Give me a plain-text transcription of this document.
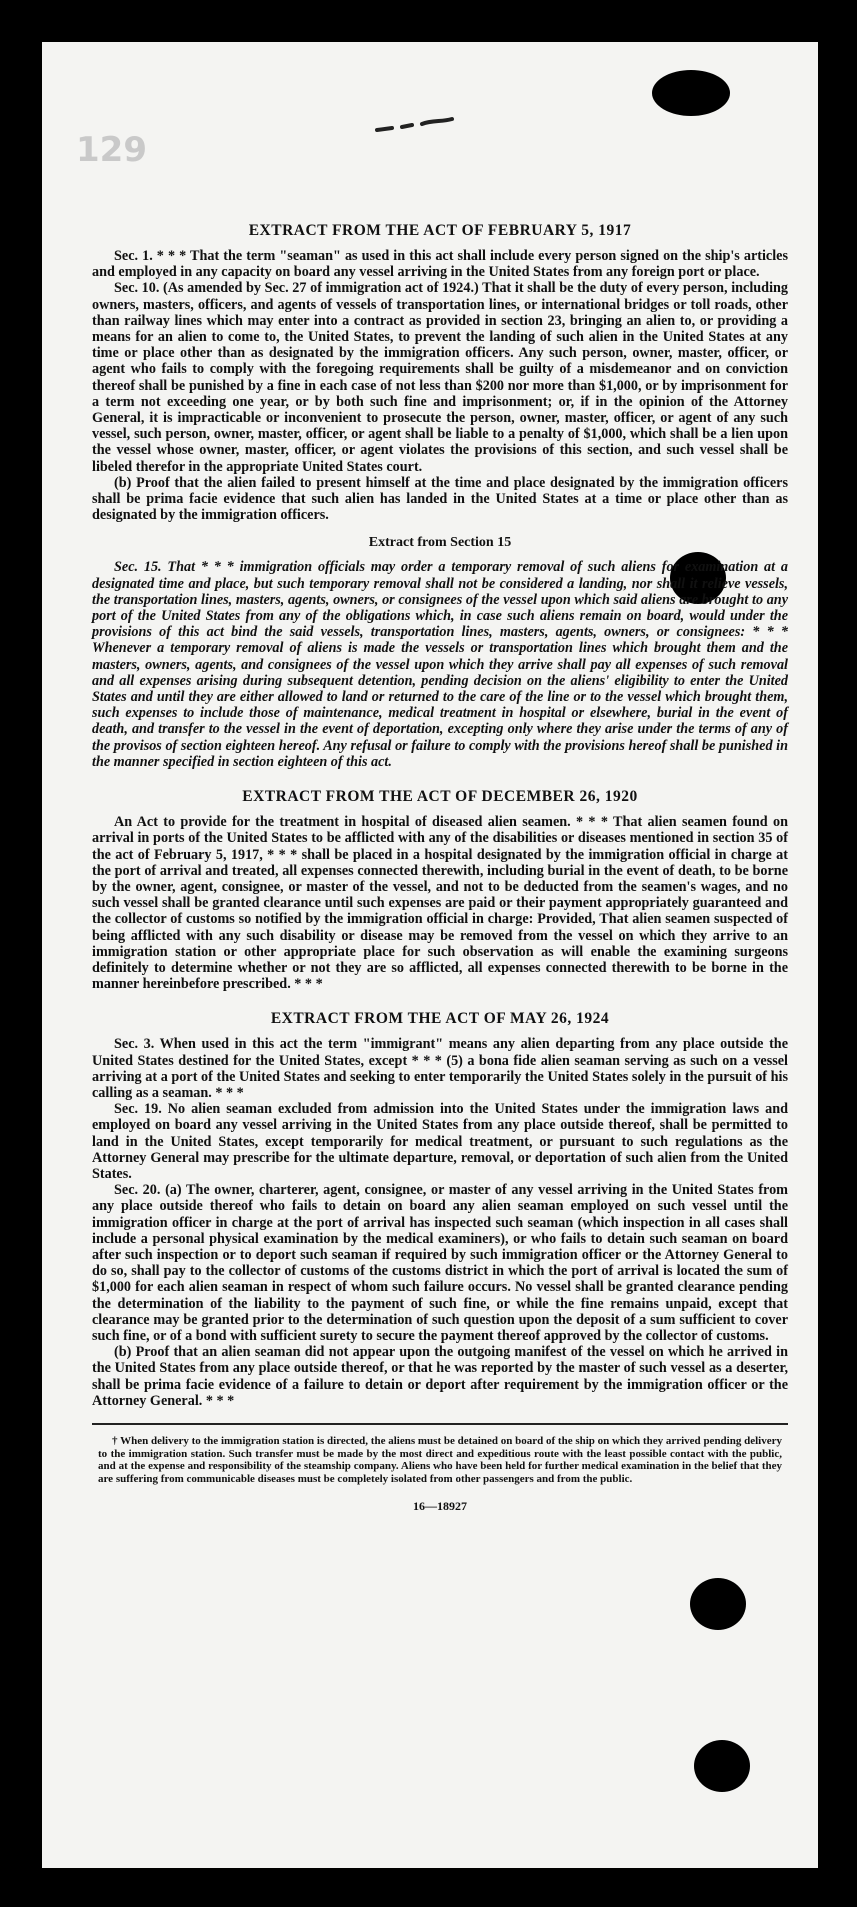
129
EXTRACT FROM THE ACT OF FEBRUARY 5, 1917

Sec. 1. * * * That the term "seaman" as used in this act shall include every person signed on the ship's articles and employed in any capacity on board any vessel arriving in the United States from any foreign port or place.

Sec. 10. (As amended by Sec. 27 of immigration act of 1924.) That it shall be the duty of every person, including owners, masters, officers, and agents of vessels of transportation lines, or international bridges or toll roads, other than railway lines which may enter into a contract as provided in section 23, bringing an alien to, or providing a means for an alien to come to, the United States, to prevent the landing of such alien in the United States at any time or place other than as designated by the immigration officers. Any such person, owner, master, officer, or agent who fails to comply with the foregoing requirements shall be guilty of a misdemeanor and on conviction thereof shall be punished by a fine in each case of not less than $200 nor more than $1,000, or by imprisonment for a term not exceeding one year, or by both such fine and imprisonment; or, if in the opinion of the Attorney General, it is impracticable or inconvenient to prosecute the person, owner, master, officer, or agent of any such vessel, such person, owner, master, officer, or agent shall be liable to a penalty of $1,000, which shall be a lien upon the vessel whose owner, master, officer, or agent violates the provisions of this section, and such vessel shall be libeled therefor in the appropriate United States court.

(b) Proof that the alien failed to present himself at the time and place designated by the immigration officers shall be prima facie evidence that such alien has landed in the United States at a time or place other than as designated by the immigration officers.

Extract from Section 15

Sec. 15. That * * * immigration officials may order a temporary removal of such aliens for examination at a designated time and place, but such temporary removal shall not be considered a landing, nor shall it relieve vessels, the transportation lines, masters, agents, owners, or consignees of the vessel upon which said aliens are brought to any port of the United States from any of the obligations which, in case such aliens remain on board, would under the provisions of this act bind the said vessels, transportation lines, masters, agents, owners, or consignees: * * * Whenever a temporary removal of aliens is made the vessels or transportation lines which brought them and the masters, owners, agents, and consignees of the vessel upon which they arrive shall pay all expenses of such removal and all expenses arising during subsequent detention, pending decision on the aliens' eligibility to enter the United States and until they are either allowed to land or returned to the care of the line or to the vessel which brought them, such expenses to include those of maintenance, medical treatment in hospital or elsewhere, burial in the event of death, and transfer to the vessel in the event of deportation, excepting only where they arise under the terms of any of the provisos of section eighteen hereof. Any refusal or failure to comply with the provisions hereof shall be punished in the manner specified in section eighteen of this act.

EXTRACT FROM THE ACT OF DECEMBER 26, 1920

An Act to provide for the treatment in hospital of diseased alien seamen. * * * That alien seamen found on arrival in ports of the United States to be afflicted with any of the disabilities or diseases mentioned in section 35 of the act of February 5, 1917, * * * shall be placed in a hospital designated by the immigration official in charge at the port of arrival and treated, all expenses connected therewith, including burial in the event of death, to be borne by the owner, agent, consignee, or master of the vessel, and not to be deducted from the seamen's wages, and no such vessel shall be granted clearance until such expenses are paid or their payment appropriately guaranteed and the collector of customs so notified by the immigration official in charge: Provided, That alien seamen suspected of being afflicted with any such disability or disease may be removed from the vessel on which they arrive to an immigration station or other appropriate place for such observation as will enable the examining surgeons definitely to determine whether or not they are so afflicted, all expenses connected therewith to be borne in the manner hereinbefore prescribed. * * *

EXTRACT FROM THE ACT OF MAY 26, 1924

Sec. 3. When used in this act the term "immigrant" means any alien departing from any place outside the United States destined for the United States, except * * * (5) a bona fide alien seaman serving as such on a vessel arriving at a port of the United States and seeking to enter temporarily the United States solely in the pursuit of his calling as a seaman. * * *

Sec. 19. No alien seaman excluded from admission into the United States under the immigration laws and employed on board any vessel arriving in the United States from any place outside thereof, shall be permitted to land in the United States, except temporarily for medical treatment, or pursuant to such regulations as the Attorney General may prescribe for the ultimate departure, removal, or deportation of such alien from the United States.

Sec. 20. (a) The owner, charterer, agent, consignee, or master of any vessel arriving in the United States from any place outside thereof who fails to detain on board any alien seaman employed on such vessel until the immigration officer in charge at the port of arrival has inspected such seaman (which inspection in all cases shall include a personal physical examination by the medical examiners), or who fails to detain such seaman on board after such inspection or to deport such seaman if required by such immigration officer or the Attorney General to do so, shall pay to the collector of customs of the customs district in which the port of arrival is located the sum of $1,000 for each alien seaman in respect of whom such failure occurs. No vessel shall be granted clearance pending the determination of the liability to the payment of such fine, or while the fine remains unpaid, except that clearance may be granted prior to the determination of such question upon the deposit of a sum sufficient to cover such fine, or of a bond with sufficient surety to secure the payment thereof approved by the collector of customs.

(b) Proof that an alien seaman did not appear upon the outgoing manifest of the vessel on which he arrived in the United States from any place outside thereof, or that he was reported by the master of such vessel as a deserter, shall be prima facie evidence of a failure to detain or deport after requirement by the immigration officer or the Attorney General. * * *

† When delivery to the immigration station is directed, the aliens must be detained on board of the ship on which they arrived pending delivery to the immigration station. Such transfer must be made by the most direct and expeditious route with the least possible contact with the public, and at the expense and responsibility of the steamship company. Aliens who have been held for further medical examination in the belief that they are suffering from communicable diseases must be completely isolated from other passengers and from the public.

16—18927
